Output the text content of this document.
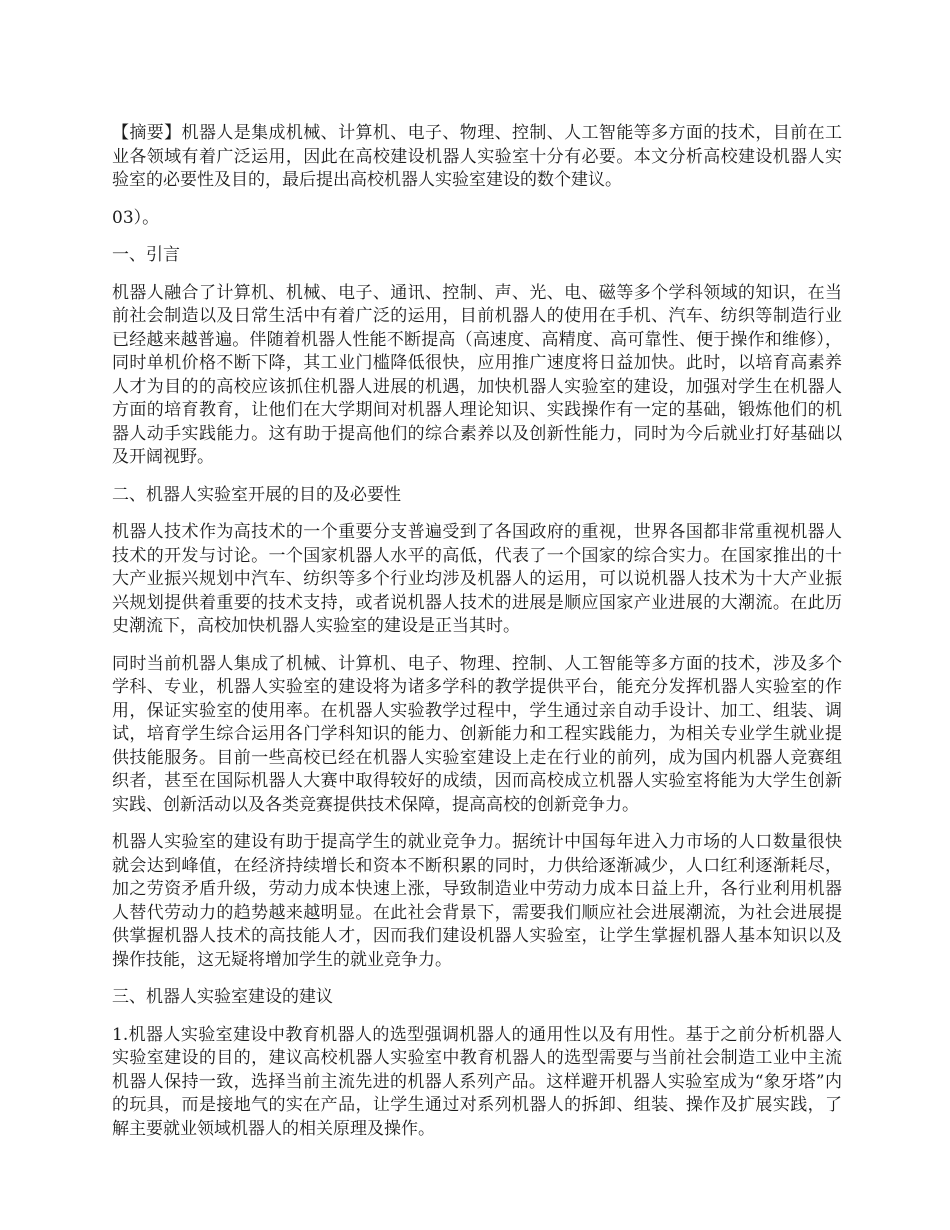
【摘要】机器人是集成机械、计算机、电子、物理、控制、人工智能等多方面的技术，目前在工业各领域有着广泛运用，因此在高校建设机器人实验室十分有必要。本文分析高校建设机器人实验室的必要性及目的，最后提出高校机器人实验室建设的数个建议。

03）。

一、引言

机器人融合了计算机、机械、电子、通讯、控制、声、光、电、磁等多个学科领域的知识，在当前社会制造以及日常生活中有着广泛的运用，目前机器人的使用在手机、汽车、纺织等制造行业已经越来越普遍。伴随着机器人性能不断提高（高速度、高精度、高可靠性、便于操作和维修），同时单机价格不断下降，其工业门槛降低很快，应用推广速度将日益加快。此时，以培育高素养人才为目的的高校应该抓住机器人进展的机遇，加快机器人实验室的建设，加强对学生在机器人方面的培育教育，让他们在大学期间对机器人理论知识、实践操作有一定的基础，锻炼他们的机器人动手实践能力。这有助于提高他们的综合素养以及创新性能力，同时为今后就业打好基础以及开阔视野。

二、机器人实验室开展的目的及必要性

机器人技术作为高技术的一个重要分支普遍受到了各国政府的重视，世界各国都非常重视机器人技术的开发与讨论。一个国家机器人水平的高低，代表了一个国家的综合实力。在国家推出的十大产业振兴规划中汽车、纺织等多个行业均涉及机器人的运用，可以说机器人技术为十大产业振兴规划提供着重要的技术支持，或者说机器人技术的进展是顺应国家产业进展的大潮流。在此历史潮流下，高校加快机器人实验室的建设是正当其时。

同时当前机器人集成了机械、计算机、电子、物理、控制、人工智能等多方面的技术，涉及多个学科、专业，机器人实验室的建设将为诸多学科的教学提供平台，能充分发挥机器人实验室的作用，保证实验室的使用率。在机器人实验教学过程中，学生通过亲自动手设计、加工、组装、调试，培育学生综合运用各门学科知识的能力、创新能力和工程实践能力，为相关专业学生就业提供技能服务。目前一些高校已经在机器人实验室建设上走在行业的前列，成为国内机器人竞赛组织者，甚至在国际机器人大赛中取得较好的成绩，因而高校成立机器人实验室将能为大学生创新实践、创新活动以及各类竞赛提供技术保障，提高高校的创新竞争力。

机器人实验室的建设有助于提高学生的就业竞争力。据统计中国每年进入力市场的人口数量很快就会达到峰值，在经济持续增长和资本不断积累的同时，力供给逐渐减少，人口红利逐渐耗尽，加之劳资矛盾升级，劳动力成本快速上涨，导致制造业中劳动力成本日益上升，各行业利用机器人替代劳动力的趋势越来越明显。在此社会背景下，需要我们顺应社会进展潮流，为社会进展提供掌握机器人技术的高技能人才，因而我们建设机器人实验室，让学生掌握机器人基本知识以及操作技能，这无疑将增加学生的就业竞争力。

三、机器人实验室建设的建议

1.机器人实验室建设中教育机器人的选型强调机器人的通用性以及有用性。基于之前分析机器人实验室建设的目的，建议高校机器人实验室中教育机器人的选型需要与当前社会制造工业中主流机器人保持一致，选择当前主流先进的机器人系列产品。这样避开机器人实验室成为“象牙塔”内的玩具，而是接地气的实在产品，让学生通过对系列机器人的拆卸、组装、操作及扩展实践，了解主要就业领域机器人的相关原理及操作。
